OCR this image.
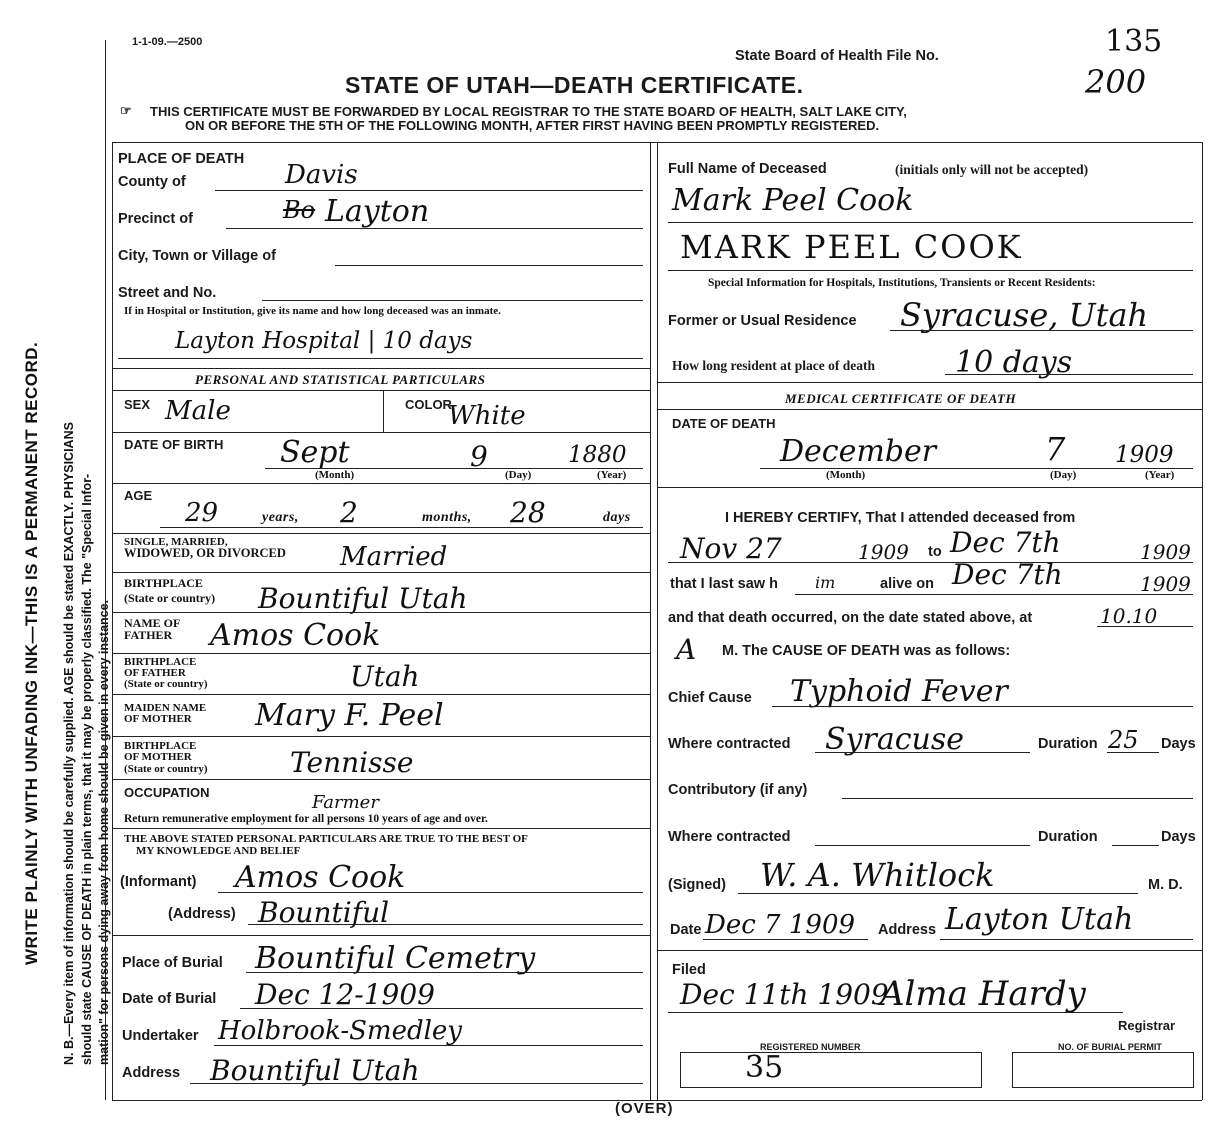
N. B.—Every item of information should be carefully supplied. AGE should be stated EXACTLY. PHYSICIANS should state CAUSE OF DEATH in plain terms, that it may be properly classified. The "Special Infor- mation" for persons dying away from home should be given in every instance.
WRITE PLAINLY WITH UNFADING INK—THIS IS A PERMANENT RECORD.
1-1-09.—2500
State Board of Health File No.	135
200
STATE OF UTAH—DEATH CERTIFICATE.
☞ THIS CERTIFICATE MUST BE FORWARDED BY LOCAL REGISTRAR TO THE STATE BOARD OF HEALTH, SALT LAKE CITY,
ON OR BEFORE THE 5TH OF THE FOLLOWING MONTH, AFTER FIRST HAVING BEEN PROMPTLY REGISTERED.
PLACE OF DEATH
County of	Davis
Precinct of	Bo Layton
City, Town or Village of
Street and No.
If in Hospital or Institution, give its name and how long deceased was an inmate.
Layton Hospital | 10 days
PERSONAL AND STATISTICAL PARTICULARS
SEX Male	COLOR
White
DATE OF BIRTH Sept	9	1880
(Month)	(Day)	(Year)
AGE
29	years, 2	months, 28	days
SINGLE, MARRIED,
WIDOWED, OR DIVORCED Married
BIRTHPLACE
(State or country) Bountiful Utah
NAME OF
FATHER Amos Cook
BIRTHPLACE
OF FATHER
(State or country)	Utah
MAIDEN NAME
OF MOTHER Mary F. Peel
BIRTHPLACE
OF MOTHER
(State or country)	Tennisse
OCCUPATION	Farmer
Return remunerative employment for all persons 10 years of age and over.
THE ABOVE STATED PERSONAL PARTICULARS ARE TRUE TO THE BEST OF
MY KNOWLEDGE AND BELIEF
(Informant) Amos Cook
(Address) Bountiful
Place of Burial Bountiful Cemetry
Date of Burial Dec 12-1909
Undertaker Holbrook-Smedley
Address Bountiful Utah
Full Name of Deceased	(initials only will not be accepted)
Mark Peel Cook
MARK PEEL COOK
Special Information for Hospitals, Institutions, Transients or Recent Residents:
Former or Usual Residence Syracuse, Utah
How long resident at place of death	10 days
MEDICAL CERTIFICATE OF DEATH
DATE OF DEATH
December	7 1909
(Month)	(Day)	(Year)
I HEREBY CERTIFY, That I attended deceased from
Nov 27	1909 to Dec 7th	1909
that I last saw h im	alive on Dec 7th	1909
and that death occurred, on the date stated above, at	10.10
A M. The CAUSE OF DEATH was as follows:
Chief Cause Typhoid Fever
Where contracted Syracuse	Duration 25 Days
Contributory (if any)
Where contracted	Duration	Days
(Signed) W. A. Whitlock	M. D.
Date Dec 7 1909 Address Layton Utah
Filed
Dec 11th 1909
Alma Hardy
Registrar
REGISTERED NUMBER
35
NO. OF BURIAL PERMIT
(OVER)
